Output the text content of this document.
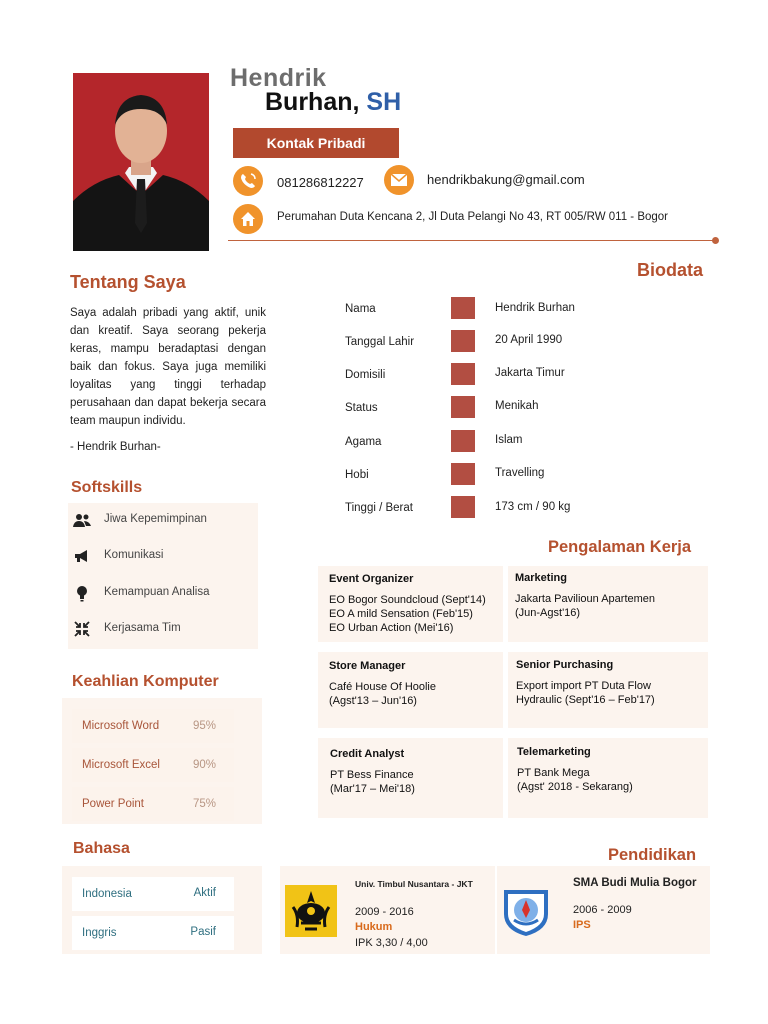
Hendrik
Burhan, SH
Kontak Pribadi
081286812227	hendrikbakung@gmail.com
Perumahan Duta Kencana 2, Jl Duta Pelangi No 43, RT 005/RW 011 - Bogor
Tentang Saya
Saya adalah pribadi yang aktif, unik dan kreatif. Saya seorang pekerja keras, mampu beradaptasi dengan baik dan fokus. Saya juga memiliki loyalitas yang tinggi terhadap perusahaan dan dapat bekerja secara team maupun individu.
- Hendrik Burhan-
Softskills
Jiwa Kepemimpinan
Komunikasi
Kemampuan Analisa
Kerjasama Tim
Keahlian Komputer
Microsoft Word	95%
Microsoft Excel	90%
Power Point	75%
Bahasa
Indonesia	Aktif
Inggris	Pasif
Biodata
Nama	Hendrik Burhan
Tanggal Lahir	20 April 1990
Domisili	Jakarta Timur
Status	Menikah
Agama	Islam
Hobi	Travelling
Tinggi / Berat	173 cm / 90 kg
Pengalaman Kerja
Event Organizer
EO Bogor Soundcloud (Sept'14)
EO A mild Sensation (Feb'15)
EO Urban Action (Mei'16)
Marketing
Jakarta Pavilioun Apartemen
(Jun-Agst'16)
Store Manager
Café House Of Hoolie
(Agst'13 – Jun'16)
Senior Purchasing
Export import PT Duta Flow
Hydraulic (Sept'16 – Feb'17)
Credit Analyst
PT Bess Finance
(Mar'17 – Mei'18)
Telemarketing
PT Bank Mega
(Agst' 2018 - Sekarang)
Pendidikan
Univ. Timbul Nusantara - JKT
2009 - 2016
Hukum
IPK 3,30 / 4,00
SMA Budi Mulia Bogor
2006 - 2009
IPS
